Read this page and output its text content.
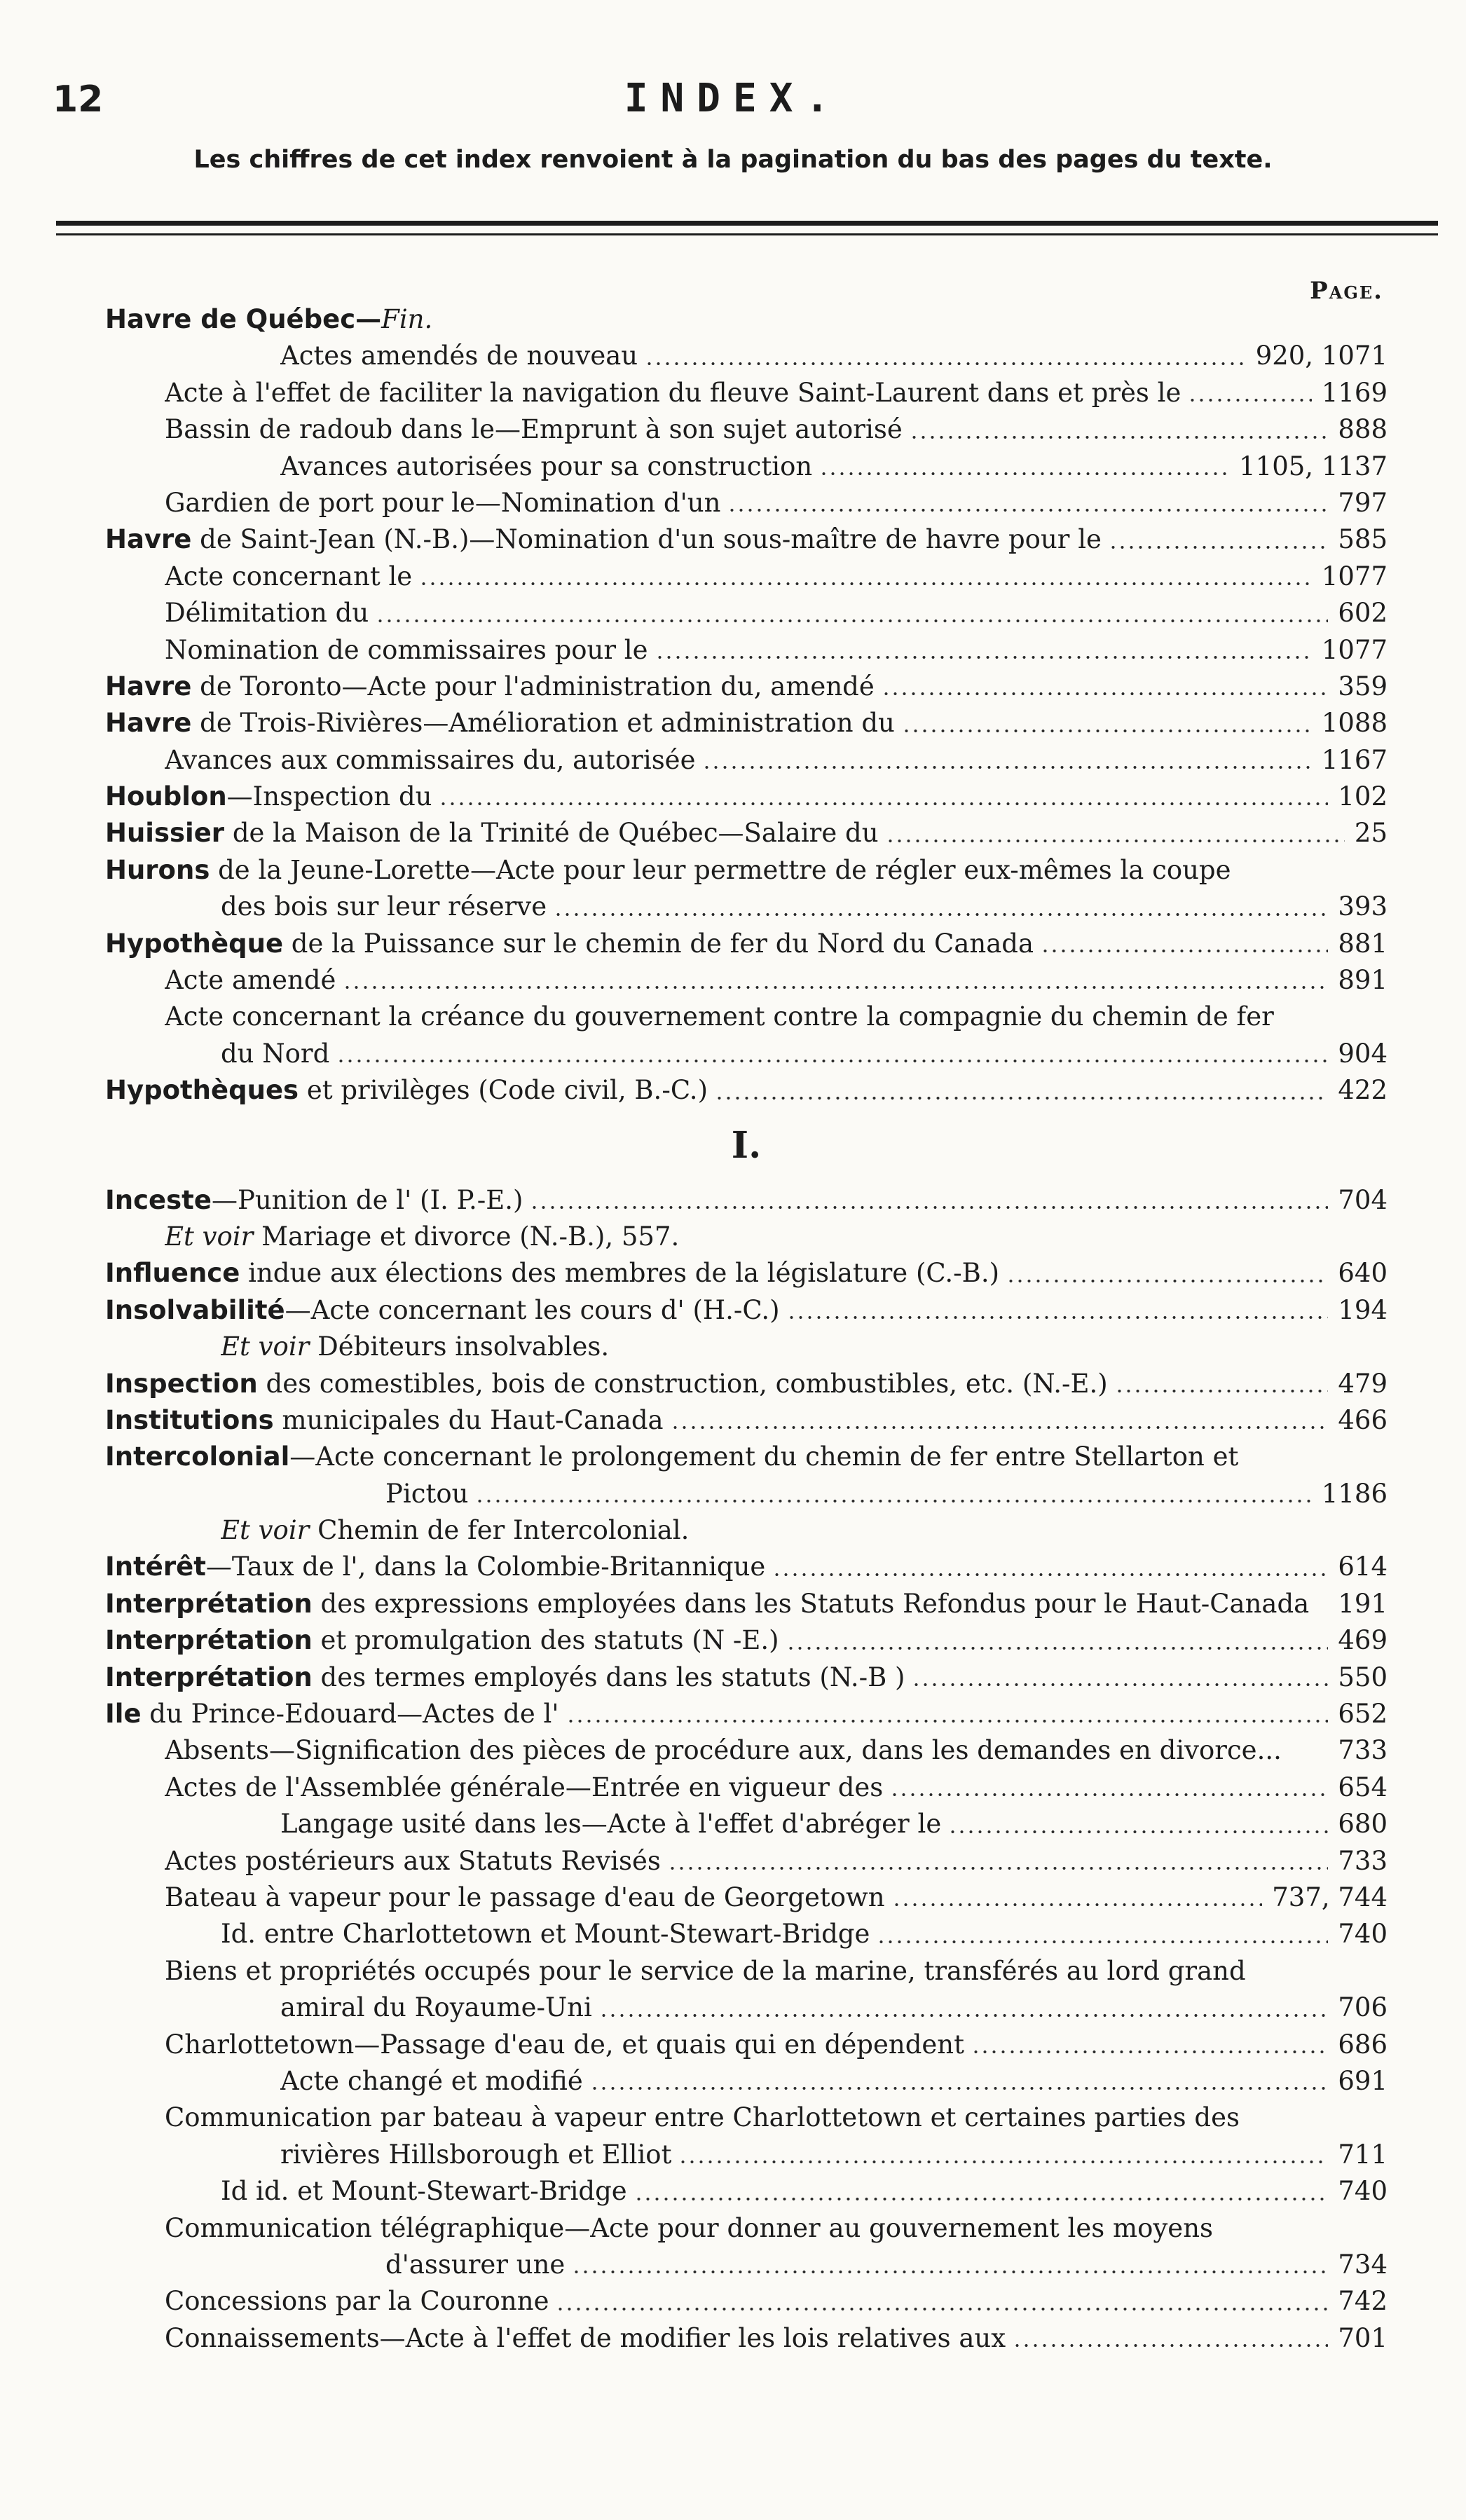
12	INDEX.
Les chiffres de cet index renvoient à la pagination du bas des pages du texte.
Page.
Havre de Québec—Fin.
Actes amendés de nouveau	920, 1071
Acte à l'effet de faciliter la navigation du fleuve Saint-Laurent dans et près le	1169
Bassin de radoub dans le—Emprunt à son sujet autorisé	888
Avances autorisées pour sa construction	1105, 1137
Gardien de port pour le—Nomination d'un	797
Havre de Saint-Jean (N.-B.)—Nomination d'un sous-maître de havre pour le	585
Acte concernant le	1077
Délimitation du	602
Nomination de commissaires pour le	1077
Havre de Toronto—Acte pour l'administration du, amendé	359
Havre de Trois-Rivières—Amélioration et administration du	1088
Avances aux commissaires du, autorisée	1167
Houblon—Inspection du	102
Huissier de la Maison de la Trinité de Québec—Salaire du	25
Hurons de la Jeune-Lorette—Acte pour leur permettre de régler eux-mêmes la coupe
des bois sur leur réserve	393
Hypothèque de la Puissance sur le chemin de fer du Nord du Canada	881
Acte amendé	891
Acte concernant la créance du gouvernement contre la compagnie du chemin de fer
du Nord	904
Hypothèques et privilèges (Code civil, B.-C.)	422
I.
Inceste—Punition de l' (I. P.-E.)	704
Et voir Mariage et divorce (N.-B.), 557.
Influence indue aux élections des membres de la législature (C.-B.)	640
Insolvabilité—Acte concernant les cours d' (H.-C.)	194
Et voir Débiteurs insolvables.
Inspection des comestibles, bois de construction, combustibles, etc. (N.-E.)	479
Institutions municipales du Haut-Canada	466
Intercolonial—Acte concernant le prolongement du chemin de fer entre Stellarton et
Pictou	1186
Et voir Chemin de fer Intercolonial.
Intérêt—Taux de l', dans la Colombie-Britannique	614
Interprétation des expressions employées dans les Statuts Refondus pour le Haut-Canada 191
Interprétation et promulgation des statuts (N -E.)	469
Interprétation des termes employés dans les statuts (N.-B )	550
Ile du Prince-Edouard—Actes de l'	652
Absents—Signification des pièces de procédure aux, dans les demandes en divorce... 733
Actes de l'Assemblée générale—Entrée en vigueur des	654
Langage usité dans les—Acte à l'effet d'abréger le	680
Actes postérieurs aux Statuts Revisés	733
Bateau à vapeur pour le passage d'eau de Georgetown	737, 744
Id. entre Charlottetown et Mount-Stewart-Bridge	740
Biens et propriétés occupés pour le service de la marine, transférés au lord grand
amiral du Royaume-Uni	706
Charlottetown—Passage d'eau de, et quais qui en dépendent	686
Acte changé et modifié	691
Communication par bateau à vapeur entre Charlottetown et certaines parties des
rivières Hillsborough et Elliot	711
Id id. et Mount-Stewart-Bridge	740
Communication télégraphique—Acte pour donner au gouvernement les moyens
d'assurer une	734
Concessions par la Couronne	742
Connaissements—Acte à l'effet de modifier les lois relatives aux	701
